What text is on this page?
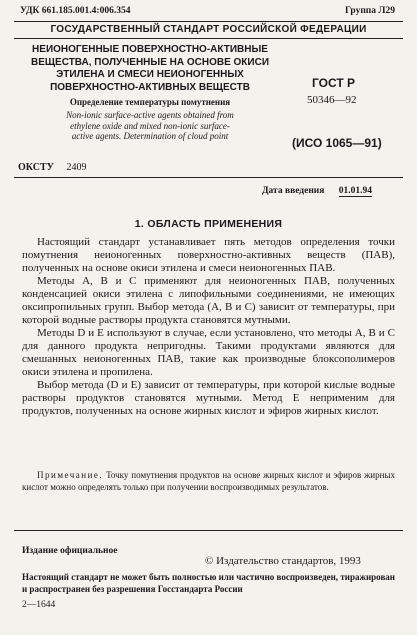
УДК 661.185.001.4:006.354	Группа Л29
ГОСУДАРСТВЕННЫЙ СТАНДАРТ РОССИЙСКОЙ ФЕДЕРАЦИИ
НЕИОНОГЕННЫЕ ПОВЕРХНОСТНО-АКТИВНЫЕ
ВЕЩЕСТВА, ПОЛУЧЕННЫЕ НА ОСНОВЕ ОКИСИ
ЭТИЛЕНА И СМЕСИ НЕИОНОГЕННЫХ
ПОВЕРХНОСТНО-АКТИВНЫХ ВЕЩЕСТВ
Определение температуры помутнения
Non-ionic surface-active agents obtained from
ethylene oxide and mixed non-ionic surface-
active agents. Determination of cloud point
ГОСТ Р
50346—92
(ИСО 1065—91)
ОКСТУ 2409
Дата введения 01.01.94
1. ОБЛАСТЬ ПРИМЕНЕНИЯ

Настоящий стандарт устанавливает пять методов определения точки помутнения неионогенных поверхностно-активных веществ (ПАВ), полученных на основе окиси этилена и смеси неионогенных ПАВ.

Методы А, В и С применяют для неионогенных ПАВ, полученных конденсацией окиси этилена с липофильными соединениями, не имеющих оксипропильных групп. Выбор метода (А, В и С) зависит от температуры, при которой водные растворы продукта становятся мутными.

Методы D и Е используют в случае, если установлено, что методы А, В и С для данного продукта непригодны. Такими продуктами являются для смешанных неионогенных ПАВ, такие как производные блоксополимеров окиси этилена и пропилена.

Выбор метода (D и Е) зависит от температуры, при которой кислые водные растворы продуктов становятся мутными. Метод Е неприменим для продуктов, полученных на основе жирных кислот и эфиров жирных кислот.

Примечание. Точку помутнения продуктов на основе жирных кислот и эфиров жирных кислот можно определять только при получении воспроизводимых результатов.

Издание официальное
© Издательство стандартов, 1993
Настоящий стандарт не может быть полностью или частично воспроизведен, тиражирован и распространен без разрешения Госстандарта России
2—1644
